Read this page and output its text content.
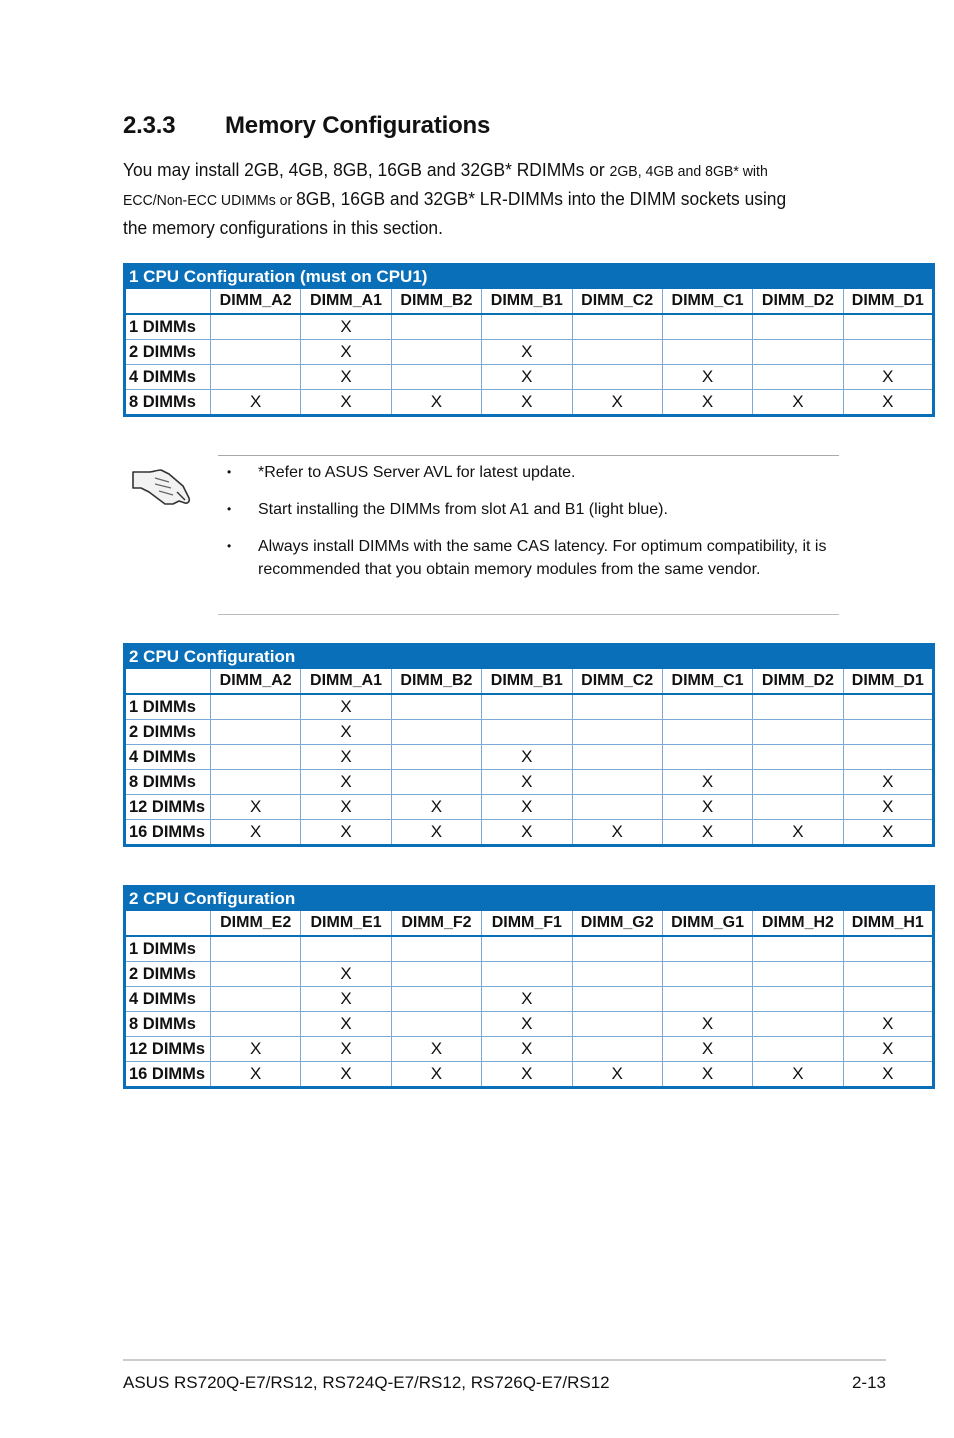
2.3.3	Memory Configurations
You may install 2GB, 4GB, 8GB, 16GB and 32GB* RDIMMs or 2GB, 4GB and 8GB* with ECC/Non-ECC UDIMMs or 8GB, 16GB and 32GB* LR-DIMMs into the DIMM sockets using the memory configurations in this section.
1 CPU Configuration (must on CPU1)								
	DIMM_A2	DIMM_A1	DIMM_B2	DIMM_B1	DIMM_C2	DIMM_C1	DIMM_D2	DIMM_D1
1 DIMMs		X						
2 DIMMs		X		X				
4 DIMMs		X		X		X		X
8 DIMMs	X	X	X	X	X	X	X	X
• *Refer to ASUS Server AVL for latest update.
• Start installing the DIMMs from slot A1 and B1 (light blue).
• Always install DIMMs with the same CAS latency. For optimum compatibility, it is recommended that you obtain memory modules from the same vendor.
2 CPU Configuration								
	DIMM_A2	DIMM_A1	DIMM_B2	DIMM_B1	DIMM_C2	DIMM_C1	DIMM_D2	DIMM_D1
1 DIMMs		X						
2 DIMMs		X						
4 DIMMs		X		X				
8 DIMMs		X		X		X		X
12 DIMMs	X	X	X	X		X		X
16 DIMMs	X	X	X	X	X	X	X	X
2 CPU Configuration								
	DIMM_E2	DIMM_E1	DIMM_F2	DIMM_F1	DIMM_G2	DIMM_G1	DIMM_H2	DIMM_H1
1 DIMMs								
2 DIMMs		X						
4 DIMMs		X		X				
8 DIMMs		X		X		X		X
12 DIMMs	X	X	X	X		X		X
16 DIMMs	X	X	X	X	X	X	X	X
ASUS RS720Q-E7/RS12, RS724Q-E7/RS12, RS726Q-E7/RS12	2-13
